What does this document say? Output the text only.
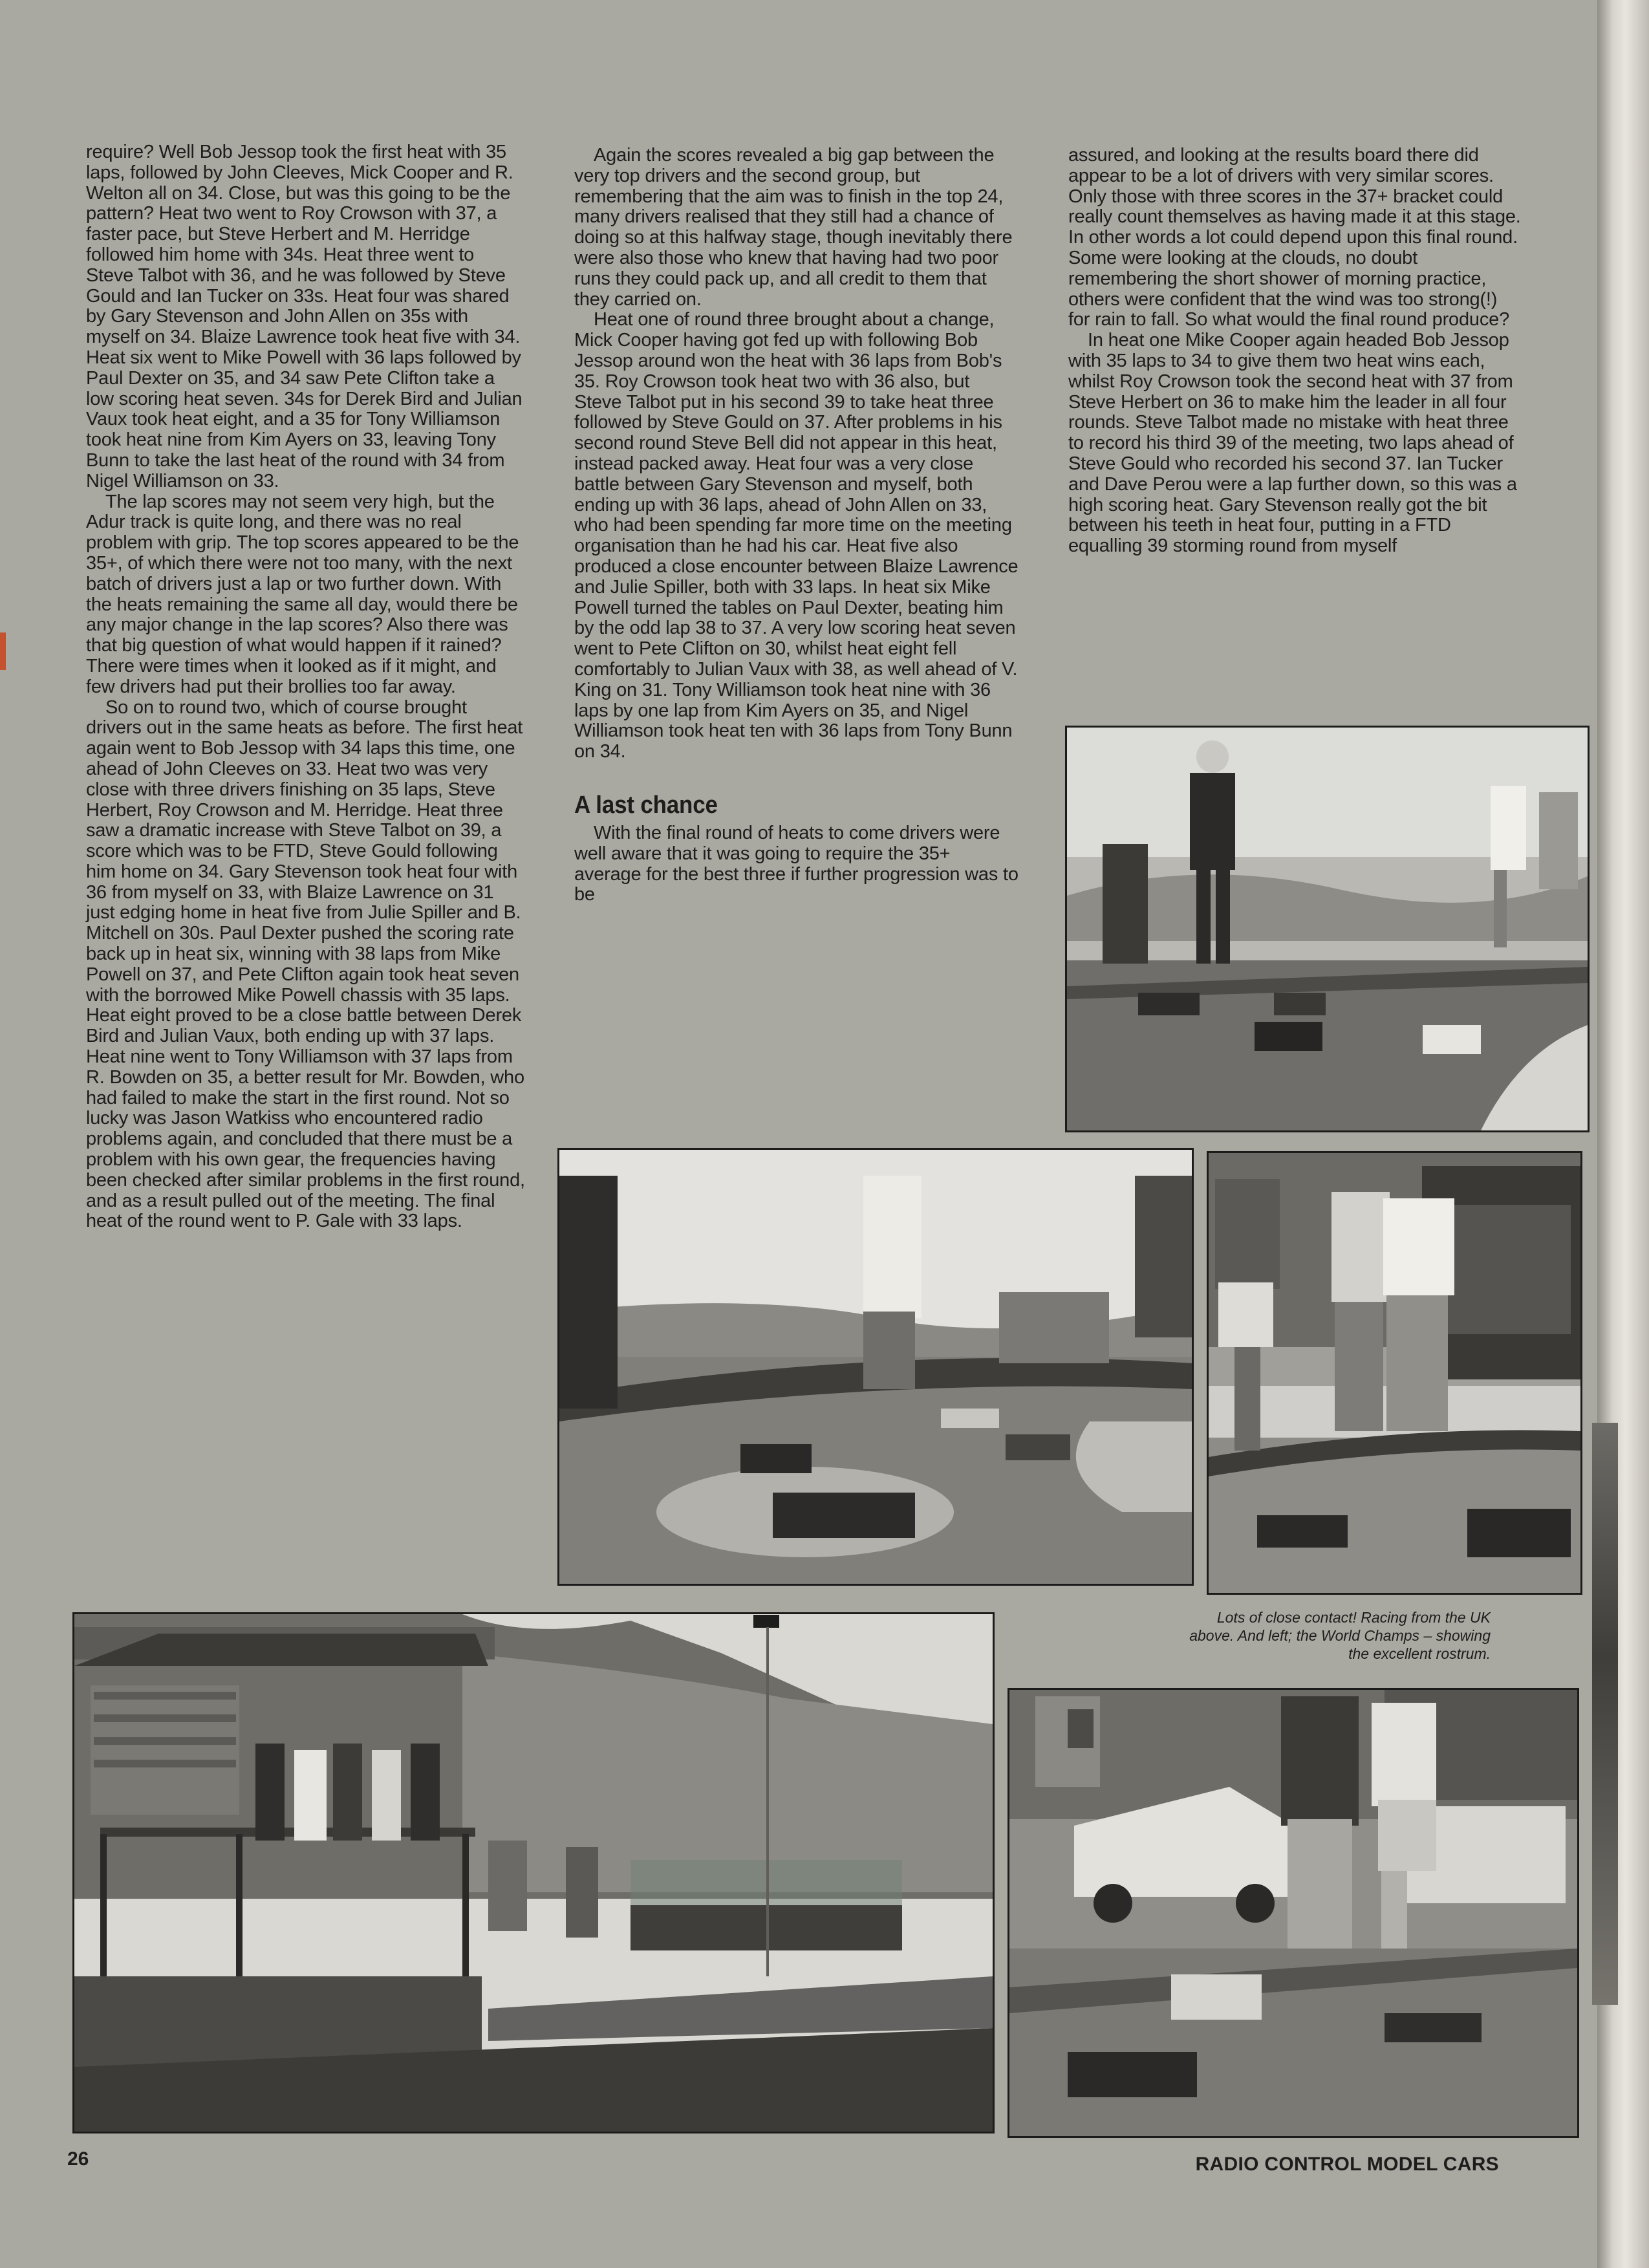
require? Well Bob Jessop took the first heat with 35 laps, followed by John Cleeves, Mick Cooper and R. Welton all on 34. Close, but was this going to be the pattern? Heat two went to Roy Crowson with 37, a faster pace, but Steve Herbert and M. Herridge followed him home with 34s. Heat three went to Steve Talbot with 36, and he was followed by Steve Gould and Ian Tucker on 33s. Heat four was shared by Gary Stevenson and John Allen on 35s with myself on 34. Blaize Lawrence took heat five with 34. Heat six went to Mike Powell with 36 laps followed by Paul Dexter on 35, and 34 saw Pete Clifton take a low scoring heat seven. 34s for Derek Bird and Julian Vaux took heat eight, and a 35 for Tony Williamson took heat nine from Kim Ayers on 33, leaving Tony Bunn to take the last heat of the round with 34 from Nigel Williamson on 33.

The lap scores may not seem very high, but the Adur track is quite long, and there was no real problem with grip. The top scores appeared to be the 35+, of which there were not too many, with the next batch of drivers just a lap or two further down. With the heats remaining the same all day, would there be any major change in the lap scores? Also there was that big question of what would happen if it rained? There were times when it looked as if it might, and few drivers had put their brollies too far away.

So on to round two, which of course brought drivers out in the same heats as before. The first heat again went to Bob Jessop with 34 laps this time, one ahead of John Cleeves on 33. Heat two was very close with three drivers finishing on 35 laps, Steve Herbert, Roy Crowson and M. Herridge. Heat three saw a dramatic increase with Steve Talbot on 39, a score which was to be FTD, Steve Gould following him home on 34. Gary Stevenson took heat four with 36 from myself on 33, with Blaize Lawrence on 31 just edging home in heat five from Julie Spiller and B. Mitchell on 30s. Paul Dexter pushed the scoring rate back up in heat six, winning with 38 laps from Mike Powell on 37, and Pete Clifton again took heat seven with the borrowed Mike Powell chassis with 35 laps. Heat eight proved to be a close battle between Derek Bird and Julian Vaux, both ending up with 37 laps. Heat nine went to Tony Williamson with 37 laps from R. Bowden on 35, a better result for Mr. Bowden, who had failed to make the start in the first round. Not so lucky was Jason Watkiss who encountered radio problems again, and concluded that there must be a problem with his own gear, the frequencies having been checked after similar problems in the first round, and as a result pulled out of the meeting. The final heat of the round went to P. Gale with 33 laps.

Again the scores revealed a big gap between the very top drivers and the second group, but remembering that the aim was to finish in the top 24, many drivers realised that they still had a chance of doing so at this halfway stage, though inevitably there were also those who knew that having had two poor runs they could pack up, and all credit to them that they carried on.

Heat one of round three brought about a change, Mick Cooper having got fed up with following Bob Jessop around won the heat with 36 laps from Bob's 35. Roy Crowson took heat two with 36 also, but Steve Talbot put in his second 39 to take heat three followed by Steve Gould on 37. After problems in his second round Steve Bell did not appear in this heat, instead packed away. Heat four was a very close battle between Gary Stevenson and myself, both ending up with 36 laps, ahead of John Allen on 33, who had been spending far more time on the meeting organisation than he had his car. Heat five also produced a close encounter between Blaize Lawrence and Julie Spiller, both with 33 laps. In heat six Mike Powell turned the tables on Paul Dexter, beating him by the odd lap 38 to 37. A very low scoring heat seven went to Pete Clifton on 30, whilst heat eight fell comfortably to Julian Vaux with 38, as well ahead of V. King on 31. Tony Williamson took heat nine with 36 laps by one lap from Kim Ayers on 35, and Nigel Williamson took heat ten with 36 laps from Tony Bunn on 34.

A last chance

With the final round of heats to come drivers were well aware that it was going to require the 35+ average for the best three if further progression was to be

assured, and looking at the results board there did appear to be a lot of drivers with very similar scores. Only those with three scores in the 37+ bracket could really count themselves as having made it at this stage. In other words a lot could depend upon this final round. Some were looking at the clouds, no doubt remembering the short shower of morning practice, others were confident that the wind was too strong(!) for rain to fall. So what would the final round produce?

In heat one Mike Cooper again headed Bob Jessop with 35 laps to 34 to give them two heat wins each, whilst Roy Crowson took the second heat with 37 from Steve Herbert on 36 to make him the leader in all four rounds. Steve Talbot made no mistake with heat three to record his third 39 of the meeting, two laps ahead of Steve Gould who recorded his second 37. Ian Tucker and Dave Perou were a lap further down, so this was a high scoring heat. Gary Stevenson really got the bit between his teeth in heat four, putting in a FTD equalling 39 storming round from myself

Lots of close contact! Racing from the UK
above. And left; the World Champs – showing
the excellent rostrum.
26	RADIO CONTROL MODEL CARS
